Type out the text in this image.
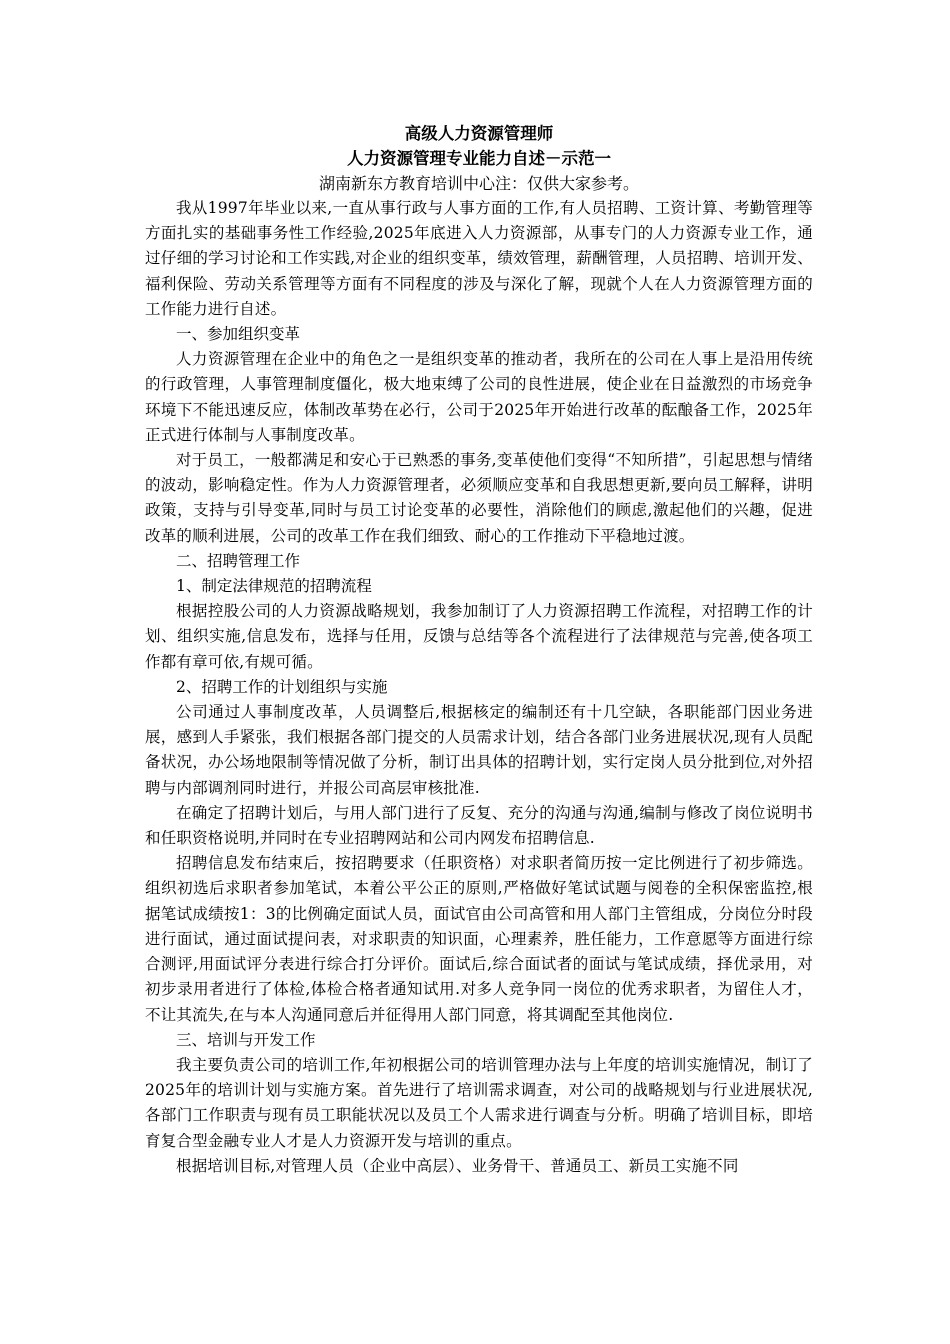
高级人力资源管理师

人力资源管理专业能力自述－示范一

湖南新东方教育培训中心注：仅供大家参考。

我从1997年毕业以来,一直从事行政与人事方面的工作,有人员招聘、工资计算、考勤管理等方面扎实的基础事务性工作经验,2025年底进入人力资源部，从事专门的人力资源专业工作，通过仔细的学习讨论和工作实践,对企业的组织变革，绩效管理，薪酬管理，人员招聘、培训开发、福利保险、劳动关系管理等方面有不同程度的涉及与深化了解，现就个人在人力资源管理方面的工作能力进行自述。

一、参加组织变革

人力资源管理在企业中的角色之一是组织变革的推动者，我所在的公司在人事上是沿用传统的行政管理，人事管理制度僵化，极大地束缚了公司的良性进展，使企业在日益激烈的市场竞争环境下不能迅速反应，体制改革势在必行，公司于2025年开始进行改革的酝酿备工作，2025年正式进行体制与人事制度改革。

对于员工，一般都满足和安心于已熟悉的事务,变革使他们变得“不知所措”，引起思想与情绪的波动，影响稳定性。作为人力资源管理者，必须顺应变革和自我思想更新,要向员工解释，讲明政策，支持与引导变革,同时与员工讨论变革的必要性，消除他们的顾虑,激起他们的兴趣，促进改革的顺利进展，公司的改革工作在我们细致、耐心的工作推动下平稳地过渡。

二、招聘管理工作

1、制定法律规范的招聘流程

根据控股公司的人力资源战略规划，我参加制订了人力资源招聘工作流程，对招聘工作的计划、组织实施,信息发布，选择与任用，反馈与总结等各个流程进行了法律规范与完善,使各项工作都有章可依,有规可循。

2、招聘工作的计划组织与实施

公司通过人事制度改革，人员调整后,根据核定的编制还有十几空缺，各职能部门因业务进展，感到人手紧张，我们根据各部门提交的人员需求计划，结合各部门业务进展状况,现有人员配备状况，办公场地限制等情况做了分析，制订出具体的招聘计划，实行定岗人员分批到位,对外招聘与内部调剂同时进行，并报公司高层审核批准.

在确定了招聘计划后，与用人部门进行了反复、充分的沟通与沟通,编制与修改了岗位说明书和任职资格说明,并同时在专业招聘网站和公司内网发布招聘信息.

招聘信息发布结束后，按招聘要求（任职资格）对求职者简历按一定比例进行了初步筛选。组织初选后求职者参加笔试，本着公平公正的原则,严格做好笔试试题与阅卷的全积保密监控,根据笔试成绩按1：3的比例确定面试人员，面试官由公司高管和用人部门主管组成，分岗位分时段进行面试，通过面试提问表，对求职责的知识面，心理素养，胜任能力，工作意愿等方面进行综合测评,用面试评分表进行综合打分评价。面试后,综合面试者的面试与笔试成绩，择优录用，对初步录用者进行了体检,体检合格者通知试用.对多人竞争同一岗位的优秀求职者，为留住人才，不让其流失,在与本人沟通同意后并征得用人部门同意，将其调配至其他岗位.

三、培训与开发工作

我主要负责公司的培训工作,年初根据公司的培训管理办法与上年度的培训实施情况，制订了2025年的培训计划与实施方案。首先进行了培训需求调查，对公司的战略规划与行业进展状况,各部门工作职责与现有员工职能状况以及员工个人需求进行调查与分析。明确了培训目标，即培育复合型金融专业人才是人力资源开发与培训的重点。

根据培训目标,对管理人员（企业中高层）、业务骨干、普通员工、新员工实施不同
